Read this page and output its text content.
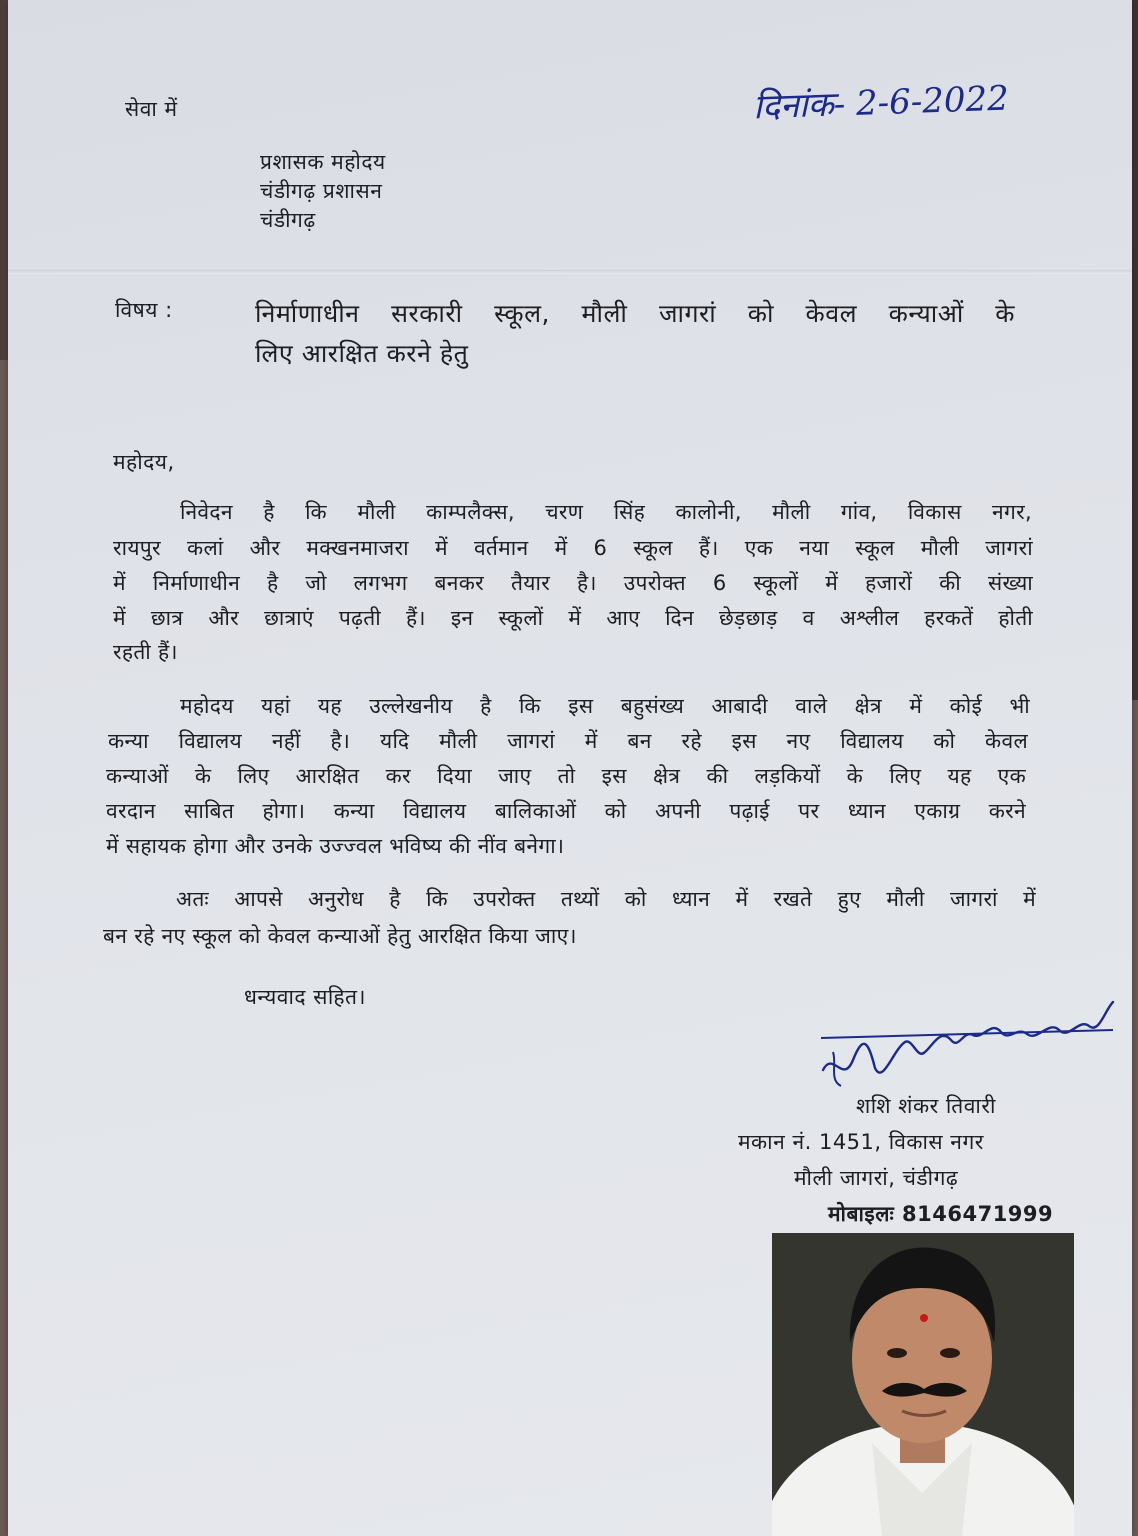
सेवा में	दिनांक- 2-6-2022
प्रशासक महोदय
चंडीगढ़ प्रशासन
चंडीगढ़
विषय :	निर्माणाधीन सरकारी स्कूल, मौली जागरां को केवल कन्याओं के
लिए आरक्षित करने हेतु
महोदय,
निवेदन है कि मौली काम्पलैक्स, चरण सिंह कालोनी, मौली गांव, विकास नगर,
रायपुर कलां और मक्खनमाजरा में वर्तमान में 6 स्कूल हैं। एक नया स्कूल मौली जागरां
में निर्माणाधीन है जो लगभग बनकर तैयार है। उपरोक्त 6 स्कूलों में हजारों की संख्या
में छात्र और छात्राएं पढ़ती हैं। इन स्कूलों में आए दिन छेड़छाड़ व अश्लील हरकतें होती
रहती हैं।
महोदय यहां यह उल्लेखनीय है कि इस बहुसंख्य आबादी वाले क्षेत्र में कोई भी
कन्या विद्यालय नहीं है। यदि मौली जागरां में बन रहे इस नए विद्यालय को केवल
कन्याओं के लिए आरक्षित कर दिया जाए तो इस क्षेत्र की लड़कियों के लिए यह एक
वरदान साबित होगा। कन्या विद्यालय बालिकाओं को अपनी पढ़ाई पर ध्यान एकाग्र करने
में सहायक होगा और उनके उज्ज्वल भविष्य की नींव बनेगा।
अतः आपसे अनुरोध है कि उपरोक्त तथ्यों को ध्यान में रखते हुए मौली जागरां में
बन रहे नए स्कूल को केवल कन्याओं हेतु आरक्षित किया जाए।
धन्यवाद सहित।
शशि शंकर तिवारी
मकान नं. 1451, विकास नगर
मौली जागरां, चंडीगढ़
मोबाइलः 8146471999
